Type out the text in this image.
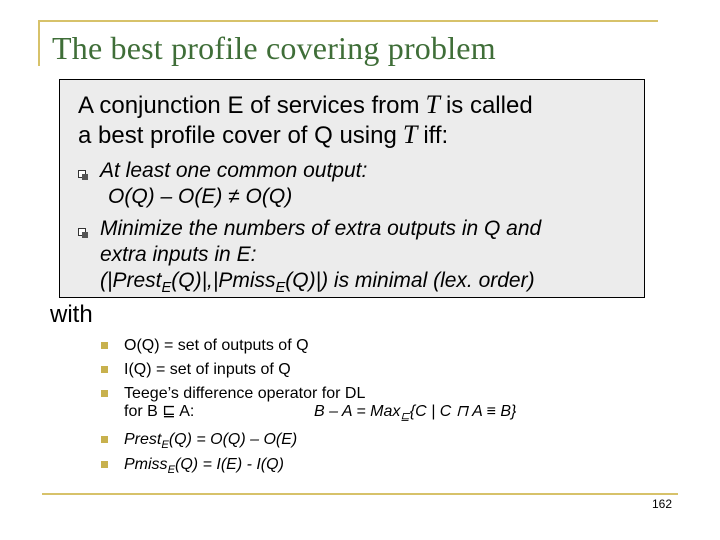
The best profile covering problem
A conjunction E of services from T is called
a best profile cover of Q using T iff:
At least one common output:
O(Q) – O(E) ≠ O(Q)
Minimize the numbers of extra outputs in Q and
extra inputs in E:
(|Prest$_E$(Q)|,|Pmiss$_E$(Q)|) is minimal (lex. order)
with
O(Q) = set of outputs of Q
I(Q) = set of inputs of Q
Teege’s difference operator for DL
for B ⊑ A:	B – A = Max$_⊑${C | C ⊓ A ≡ B}
Prest$_E$(Q) = O(Q) – O(E)
Pmiss$_E$(Q) = I(E) - I(Q)
162
